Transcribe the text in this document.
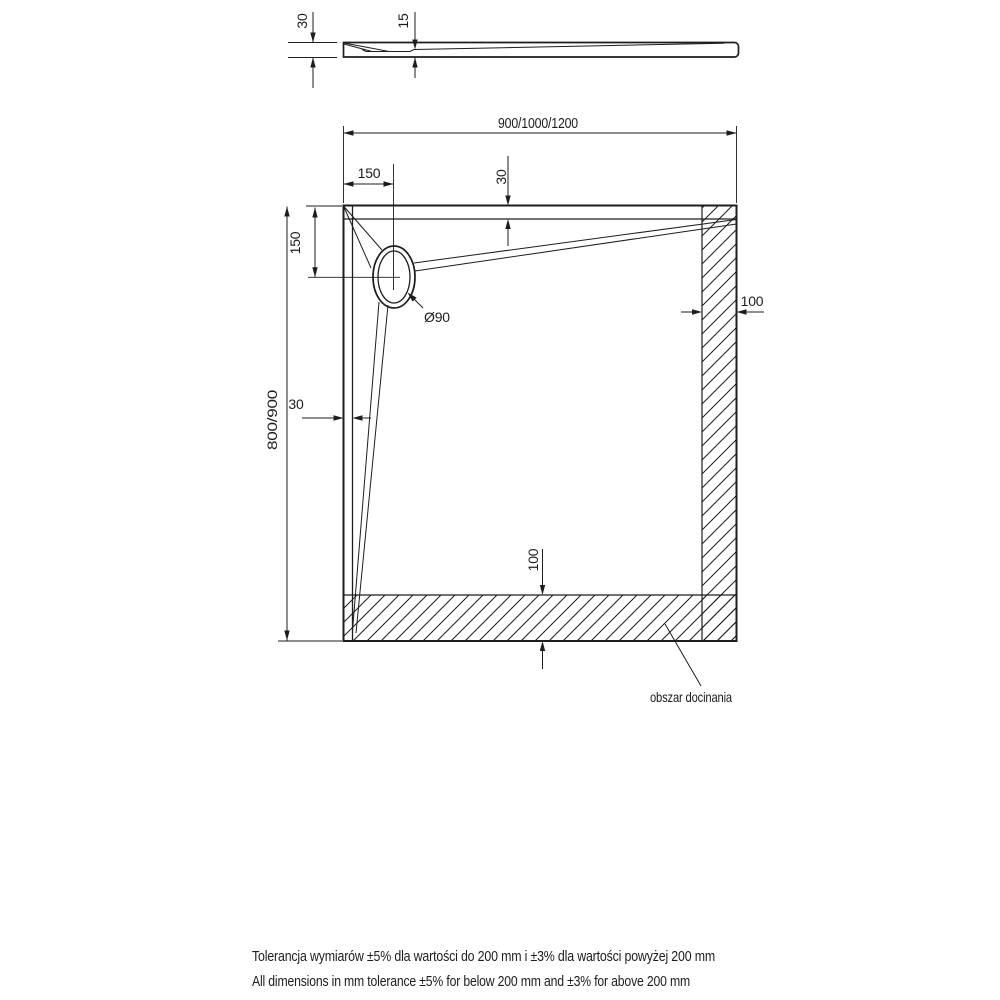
30	15
900/1000/1200
150	30
150
800/900 30
100
100
Ø90
obszar docinania
Tolerancja wymiarów ±5% dla wartości do 200 mm i ±3% dla wartości powyżej 200 mm
All dimensions in mm tolerance ±5% for below 200 mm and ±3% for above 200 mm
